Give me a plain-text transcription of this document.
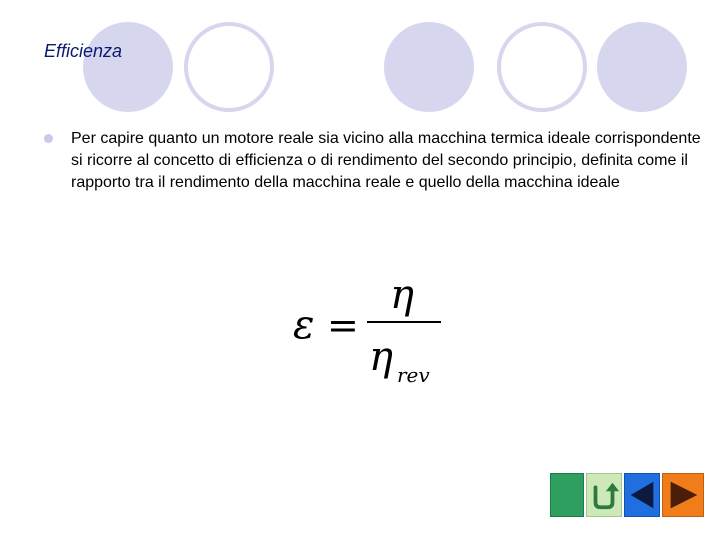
Efficienza

Per capire quanto un motore reale sia vicino alla macchina termica ideale corrispondente si ricorre al concetto di efficienza o di rendimento del secondo principio, definita come il rapporto tra il rendimento della macchina reale e quello della macchina ideale

ε =
η
η rev
